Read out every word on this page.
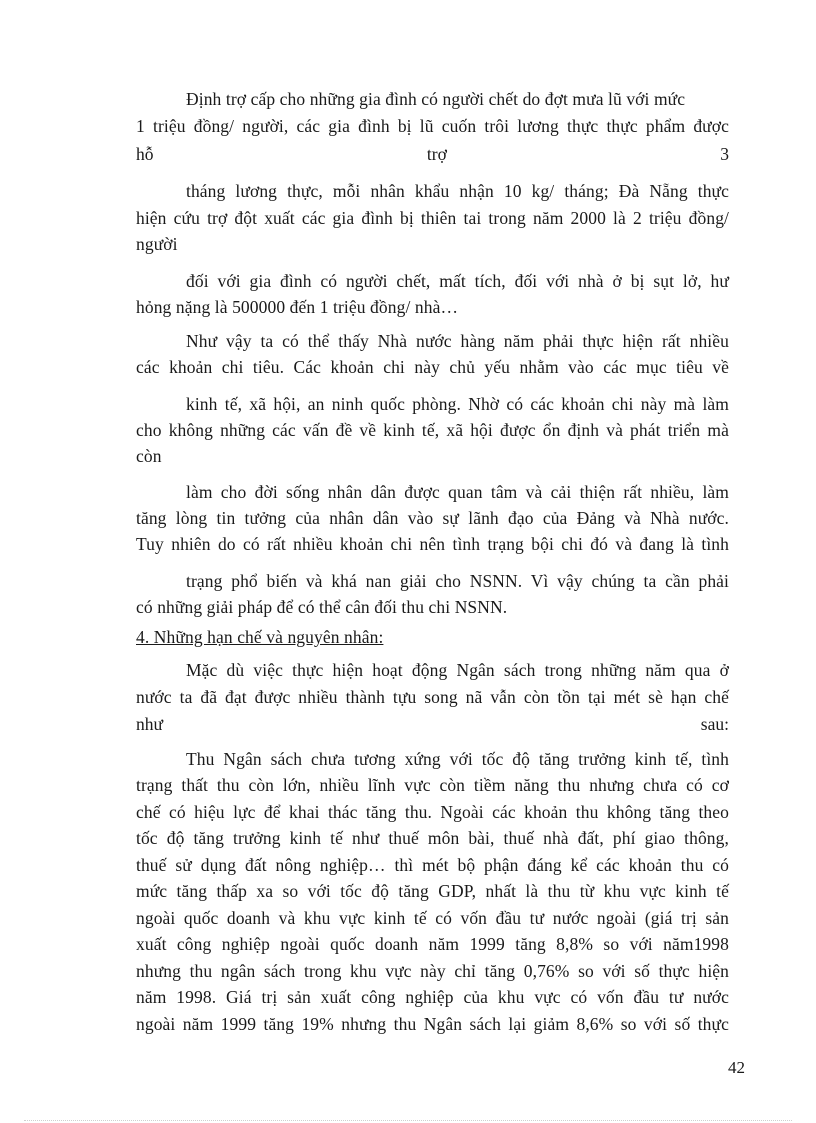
Định trợ cấp cho những gia đình có người chết do đợt mưa lũ với mức
1 triệu đồng/ người, các gia đình bị lũ cuốn trôi lương thực thực phẩm được
hỗ	trợ	3
tháng lương thực, mỗi nhân khẩu nhận 10 kg/ tháng; Đà Nẵng thực
hiện cứu trợ đột xuất các gia đình bị thiên tai trong năm 2000 là 2 triệu đồng/
người
đối với gia đình có người chết, mất tích, đối với nhà ở bị sụt lở, hư
hỏng nặng là 500000 đến 1 triệu đồng/ nhà…
Như vậy ta có thể thấy Nhà nước hàng năm phải thực hiện rất nhiều
các khoản chi tiêu. Các khoản chi này chủ yếu nhằm vào các mục tiêu về
kinh tế, xã hội, an ninh quốc phòng. Nhờ có các khoản chi này mà làm
cho không những các vấn đề về kinh tế, xã hội được ổn định và phát triển mà
còn
làm cho đời sống nhân dân được quan tâm và cải thiện rất nhiều, làm
tăng lòng tin tưởng của nhân dân vào sự lãnh đạo của Đảng và Nhà nước.
Tuy nhiên do có rất nhiều khoản chi nên tình trạng bội chi đó và đang là tình
trạng phổ biến và khá nan giải cho NSNN. Vì vậy chúng ta cần phải
có những giải pháp để có thể cân đối thu chi NSNN.
4. Những hạn chế và nguyên nhân:
Mặc dù việc thực hiện hoạt động Ngân sách trong những năm qua ở
nước ta đã đạt được nhiều thành tựu song nã vẫn còn tồn tại mét sè hạn chế
như	sau:
Thu Ngân sách chưa tương xứng với tốc độ tăng trưởng kinh tế, tình
trạng thất thu còn lớn, nhiều lĩnh vực còn tiềm năng thu nhưng chưa có cơ
chế có hiệu lực để khai thác tăng thu. Ngoài các khoản thu không tăng theo
tốc độ tăng trưởng kinh tế như thuế môn bài, thuế nhà đất, phí giao thông,
thuế sử dụng đất nông nghiệp… thì mét bộ phận đáng kể các khoản thu có
mức tăng thấp xa so với tốc độ tăng GDP, nhất là thu từ khu vực kinh tế
ngoài quốc doanh và khu vực kinh tế có vốn đầu tư nước ngoài (giá trị sản
xuất công nghiệp ngoài quốc doanh năm 1999 tăng 8,8% so với năm1998
nhưng thu ngân sách trong khu vực này chỉ tăng 0,76% so với số thực hiện
năm 1998. Giá trị sản xuất công nghiệp của khu vực có vốn đầu tư nước
ngoài năm 1999 tăng 19% nhưng thu Ngân sách lại giảm 8,6% so với số thực
42
